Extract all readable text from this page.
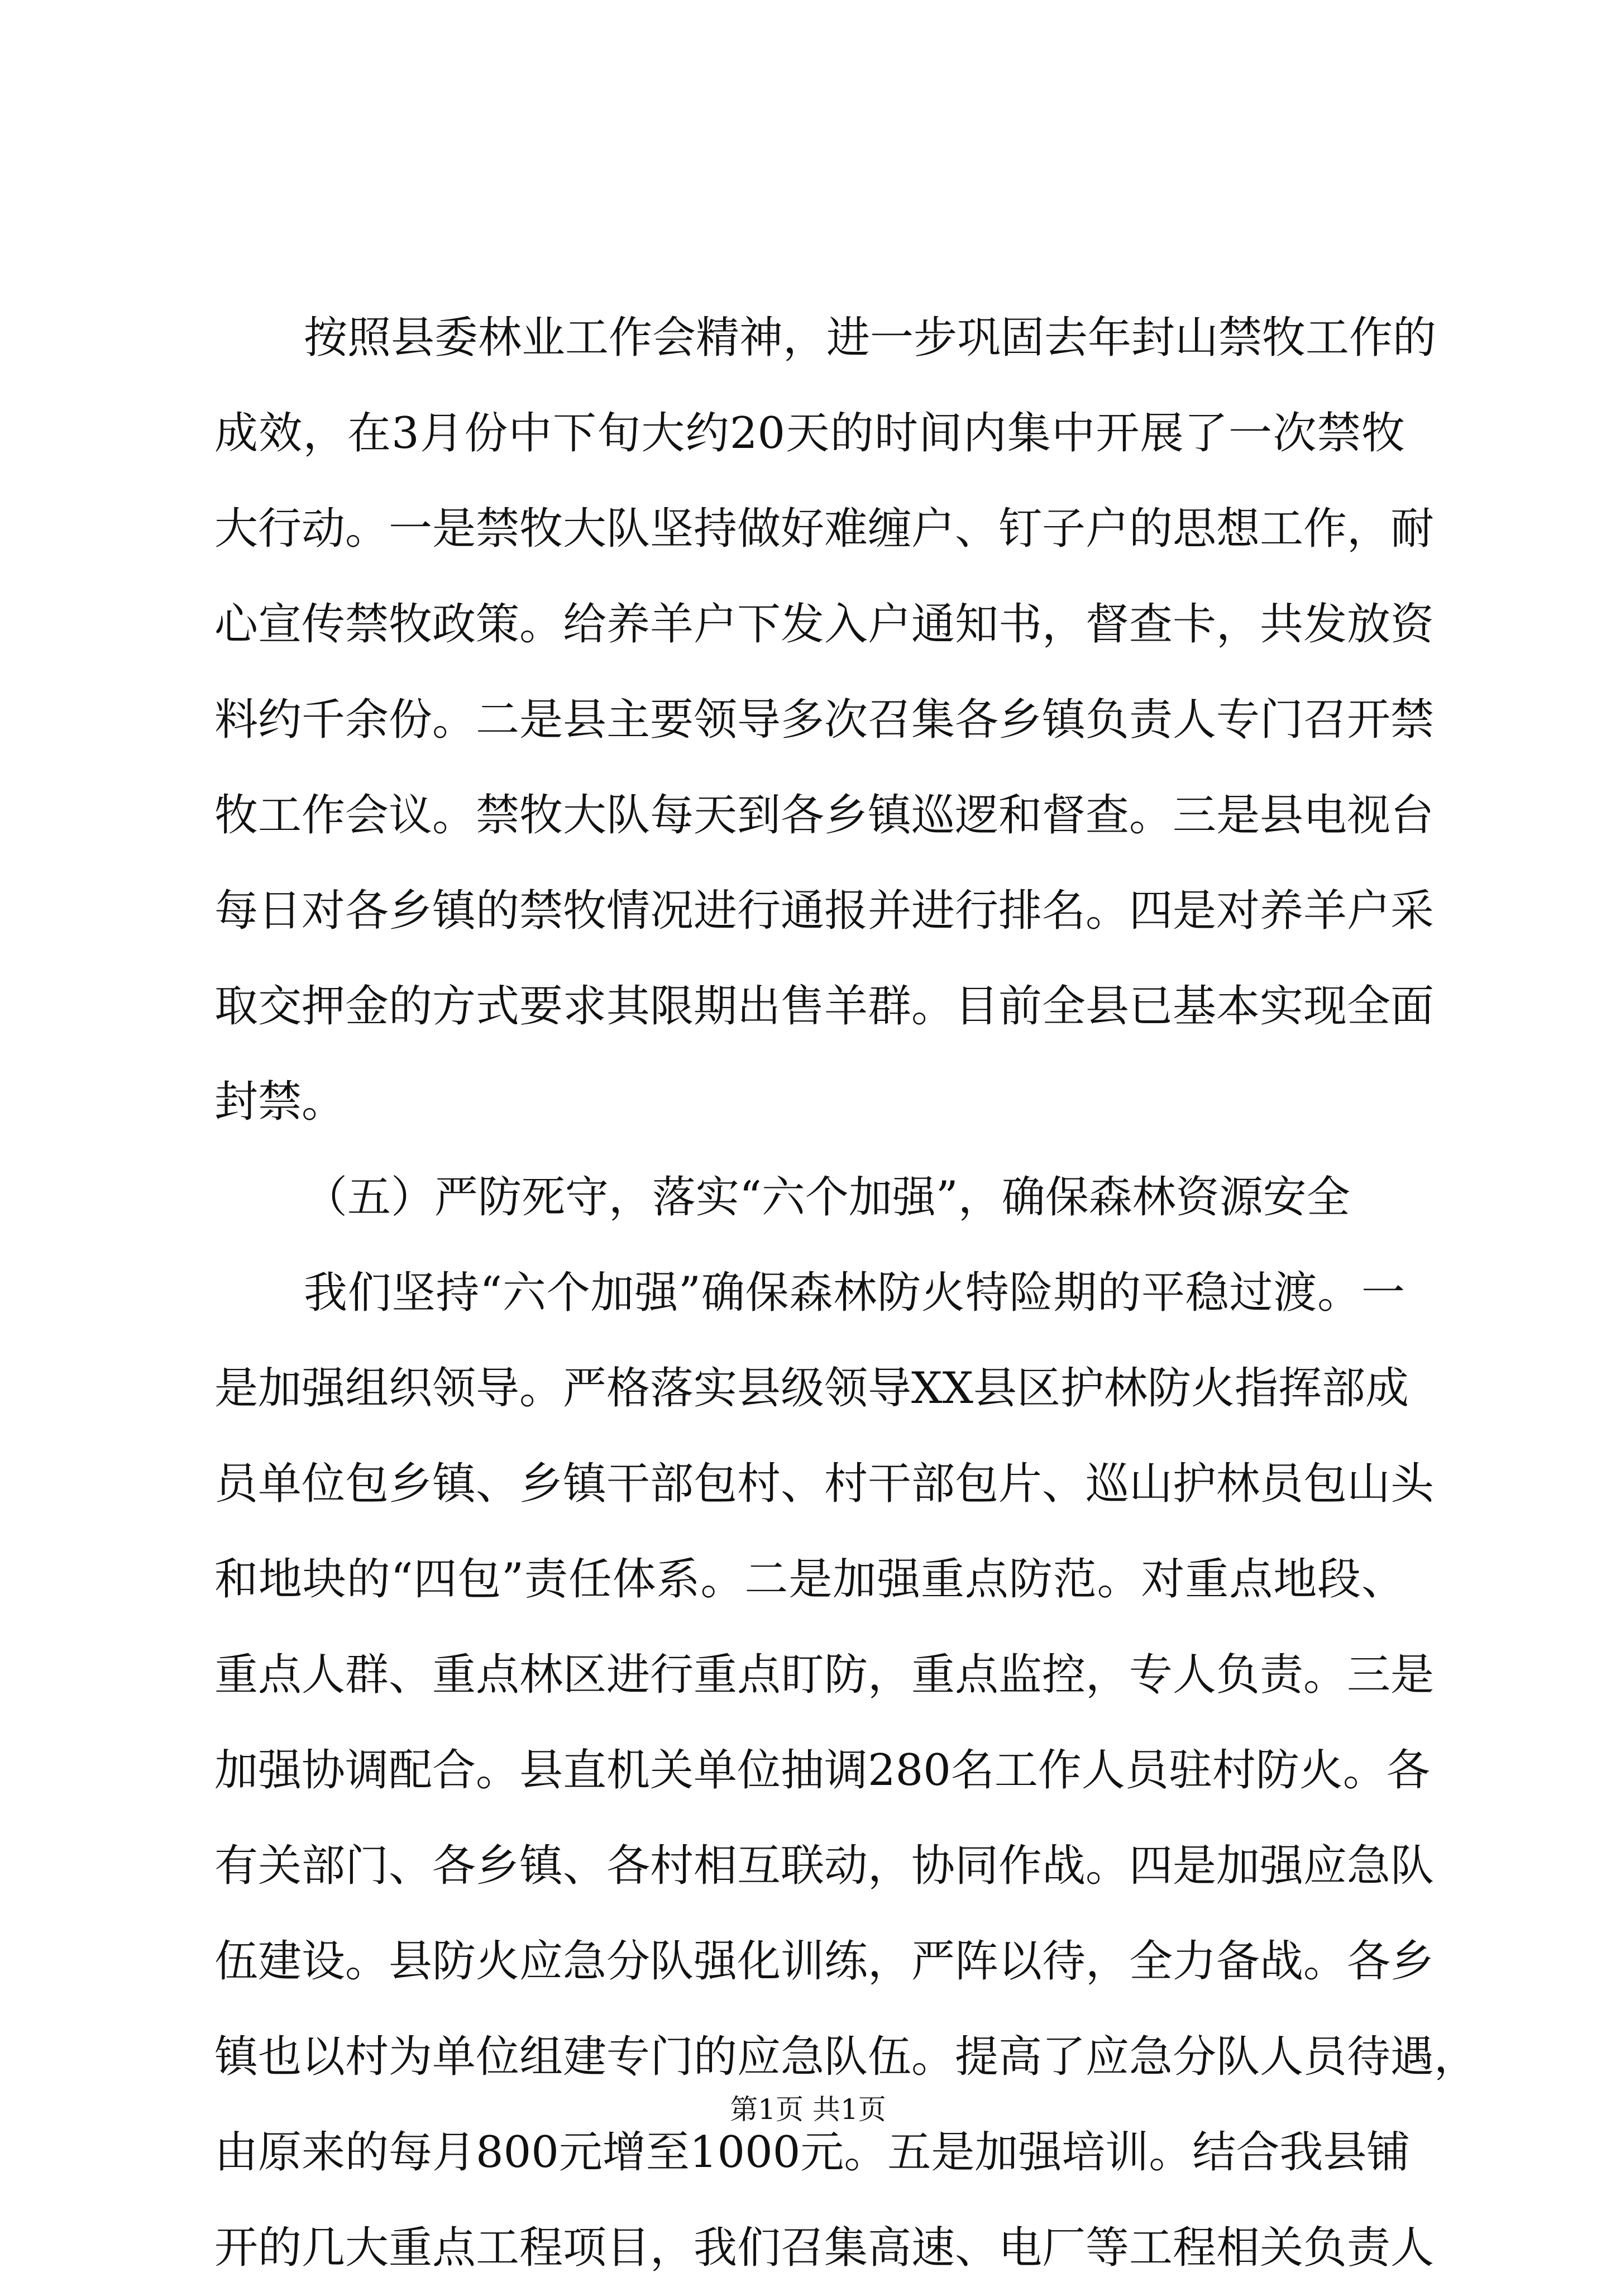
按照县委林业工作会精神，进一步巩固去年封山禁牧工作的
成效，在3月份中下旬大约20天的时间内集中开展了一次禁牧
大行动。一是禁牧大队坚持做好难缠户、钉子户的思想工作，耐
心宣传禁牧政策。给养羊户下发入户通知书，督查卡，共发放资
料约千余份。二是县主要领导多次召集各乡镇负责人专门召开禁
牧工作会议。禁牧大队每天到各乡镇巡逻和督查。三是县电视台
每日对各乡镇的禁牧情况进行通报并进行排名。四是对养羊户采
取交押金的方式要求其限期出售羊群。目前全县已基本实现全面
封禁。
（五）严防死守，落实“六个加强”，确保森林资源安全
我们坚持“六个加强”确保森林防火特险期的平稳过渡。一
是加强组织领导。严格落实县级领导XX县区护林防火指挥部成
员单位包乡镇、乡镇干部包村、村干部包片、巡山护林员包山头
和地块的“四包”责任体系。二是加强重点防范。对重点地段、
重点人群、重点林区进行重点盯防，重点监控，专人负责。三是
加强协调配合。县直机关单位抽调280名工作人员驻村防火。各
有关部门、各乡镇、各村相互联动，协同作战。四是加强应急队
伍建设。县防火应急分队强化训练，严阵以待，全力备战。各乡
镇也以村为单位组建专门的应急队伍。提高了应急分队人员待遇，
由原来的每月800元增至1000元。五是加强培训。结合我县铺
开的几大重点工程项目，我们召集高速、电厂等工程相关负责人
第1页 共1页
